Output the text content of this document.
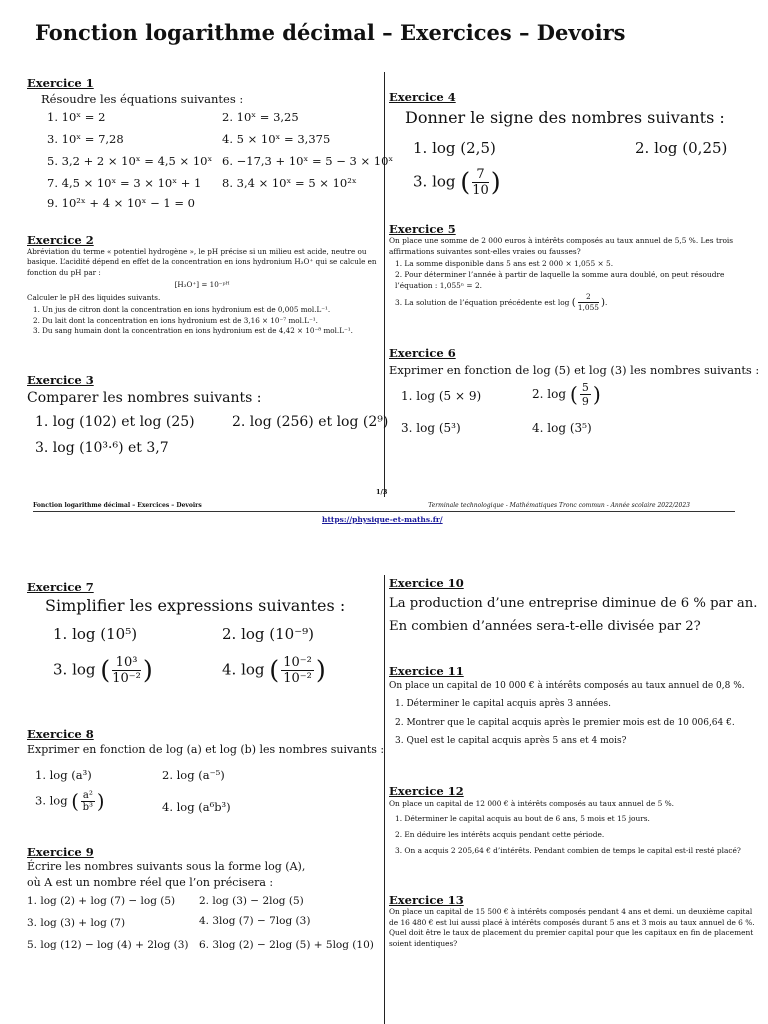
Fonction logarithme décimal – Exercices – Devoirs
Exercice 1
Résoudre les équations suivantes :
1. 10ˣ = 2	2. 10ˣ = 3,25
3. 10ˣ = 7,28	4. 5 × 10ˣ = 3,375
5. 3,2 + 2 × 10ˣ = 4,5 × 10ˣ 6. −17,3 + 10ˣ = 5 − 3 × 10ˣ
7. 4,5 × 10ˣ = 3 × 10ˣ + 1 8. 3,4 × 10ˣ = 5 × 10²ˣ
9. 10²ˣ + 4 × 10ˣ − 1 = 0
Exercice 2
Abréviation du terme « potentiel hydrogène », le pH précise si un milieu est acide, neutre ou basique. L’acidité dépend en effet de la concentration en ions hydronium H₃O⁺ qui se calcule en fonction du pH par :
[H₃O⁺] = 10⁻ᵖᴴ
Calculer le pH des liquides suivants.
1. Un jus de citron dont la concentration en ions hydronium est de 0,005 mol.L⁻¹.
2. Du lait dont la concentration en ions hydronium est de 3,16 × 10⁻⁷ mol.L⁻¹.
3. Du sang humain dont la concentration en ions hydronium est de 4,42 × 10⁻⁸ mol.L⁻¹.
Exercice 3
Comparer les nombres suivants :
1. log (102) et log (25)	2. log (256) et log (2⁹)
3. log (10³·⁶) et 3,7
Exercice 4
Donner le signe des nombres suivants :
1. log (2,5)	2. log (0,25)
3. log ( $\frac{7}{10}$ )
Exercice 5
On place une somme de 2 000 euros à intérêts composés au taux annuel de 5,5 %. Les trois affirmations suivantes sont-elles vraies ou fausses?
1. La somme disponible dans 5 ans est 2 000 × 1,055 × 5.
2. Pour déterminer l’année à partir de laquelle la somme aura doublé, on peut résoudre l’équation : 1,055ⁿ = 2.
3. La solution de l’équation précédente est log ( $\frac{2}{1,055}$ ).
Exercice 6
Exprimer en fonction de log (5) et log (3) les nombres suivants :
1. log (5 × 9)	2. log ( $\frac{5}{9}$ )
3. log (5³)	4. log (3⁵)
1/3
Fonction logarithme décimal – Exercices – Devoirs	Terminale technologique - Mathématiques Tronc commun - Année scolaire 2022/2023
https://physique-et-maths.fr/
Exercice 7
Simplifier les expressions suivantes :
1. log (10⁵)	2. log (10⁻⁹)
3. log ( $\frac{\text{10³}}{\text{10⁻²}}$ )	4. log ( $\frac{\text{10⁻²}}{\text{10⁻²}}$ )
Exercice 8
Exprimer en fonction de log (a) et log (b) les nombres suivants :
1. log (a³)	2. log (a⁻⁵)
3. log ( $\frac{\text{a²}}{\text{b³}}$ )	4. log (a⁶b³)
Exercice 9
Écrire les nombres suivants sous la forme log (A),
où A est un nombre réel que l’on précisera :
1. log (2) + log (7) − log (5) 2. log (3) − 2log (5)
3. log (3) + log (7)	4. 3log (7) − 7log (3)
5. log (12) − log (4) + 2log (3) 6. 3log (2) − 2log (5) + 5log (10)
Exercice 10
La production d’une entreprise diminue de 6 % par an.
En combien d’années sera-t-elle divisée par 2?
Exercice 11
On place un capital de 10 000 € à intérêts composés au taux annuel de 0,8 %.
1. Déterminer le capital acquis après 3 années.
2. Montrer que le capital acquis après le premier mois est de 10 006,64 €.
3. Quel est le capital acquis après 5 ans et 4 mois?
Exercice 12
On place un capital de 12 000 € à intérêts composés au taux annuel de 5 %.
1. Déterminer le capital acquis au bout de 6 ans, 5 mois et 15 jours.
2. En déduire les intérêts acquis pendant cette période.
3. On a acquis 2 205,64 € d’intérêts. Pendant combien de temps le capital est-il resté placé?
Exercice 13
On place un capital de 15 500 € à intérêts composés pendant 4 ans et demi. un deuxième capital de 16 480 € est lui aussi placé à intérêts composés durant 5 ans et 3 mois au taux annuel de 6 %. Quel doit être le taux de placement du premier capital pour que les capitaux en fin de placement soient identiques?
